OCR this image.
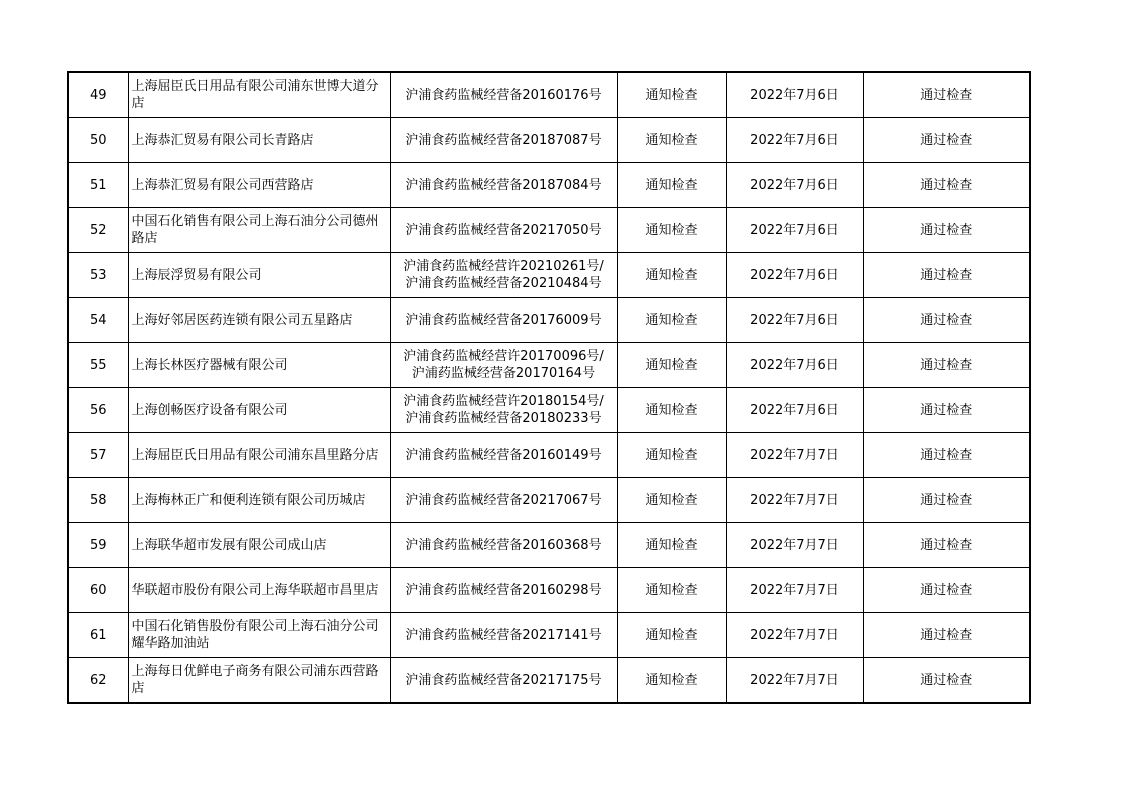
49	上海屈臣氏日用品有限公司浦东世博大道分店	沪浦食药监械经营备20160176号	通知检查	2022年7月6日	通过检查
50	上海恭汇贸易有限公司长青路店	沪浦食药监械经营备20187087号	通知检查	2022年7月6日	通过检查
51	上海恭汇贸易有限公司西营路店	沪浦食药监械经营备20187084号	通知检查	2022年7月6日	通过检查
52	中国石化销售有限公司上海石油分公司德州路店	沪浦食药监械经营备20217050号	通知检查	2022年7月6日	通过检查
53	上海辰浮贸易有限公司	沪浦食药监械经营许20210261号/
沪浦食药监械经营备20210484号	通知检查	2022年7月6日	通过检查
54	上海好邻居医药连锁有限公司五星路店	沪浦食药监械经营备20176009号	通知检查	2022年7月6日	通过检查
55	上海长林医疗器械有限公司	沪浦食药监械经营许20170096号/
沪浦药监械经营备20170164号	通知检查	2022年7月6日	通过检查
56	上海创畅医疗设备有限公司	沪浦食药监械经营许20180154号/
沪浦食药监械经营备20180233号	通知检查	2022年7月6日	通过检查
57	上海屈臣氏日用品有限公司浦东昌里路分店	沪浦食药监械经营备20160149号	通知检查	2022年7月7日	通过检查
58	上海梅林正广和便利连锁有限公司历城店	沪浦食药监械经营备20217067号	通知检查	2022年7月7日	通过检查
59	上海联华超市发展有限公司成山店	沪浦食药监械经营备20160368号	通知检查	2022年7月7日	通过检查
60	华联超市股份有限公司上海华联超市昌里店	沪浦食药监械经营备20160298号	通知检查	2022年7月7日	通过检查
61	中国石化销售股份有限公司上海石油分公司耀华路加油站	沪浦食药监械经营备20217141号	通知检查	2022年7月7日	通过检查
62	上海每日优鲜电子商务有限公司浦东西营路店	沪浦食药监械经营备20217175号	通知检查	2022年7月7日	通过检查
